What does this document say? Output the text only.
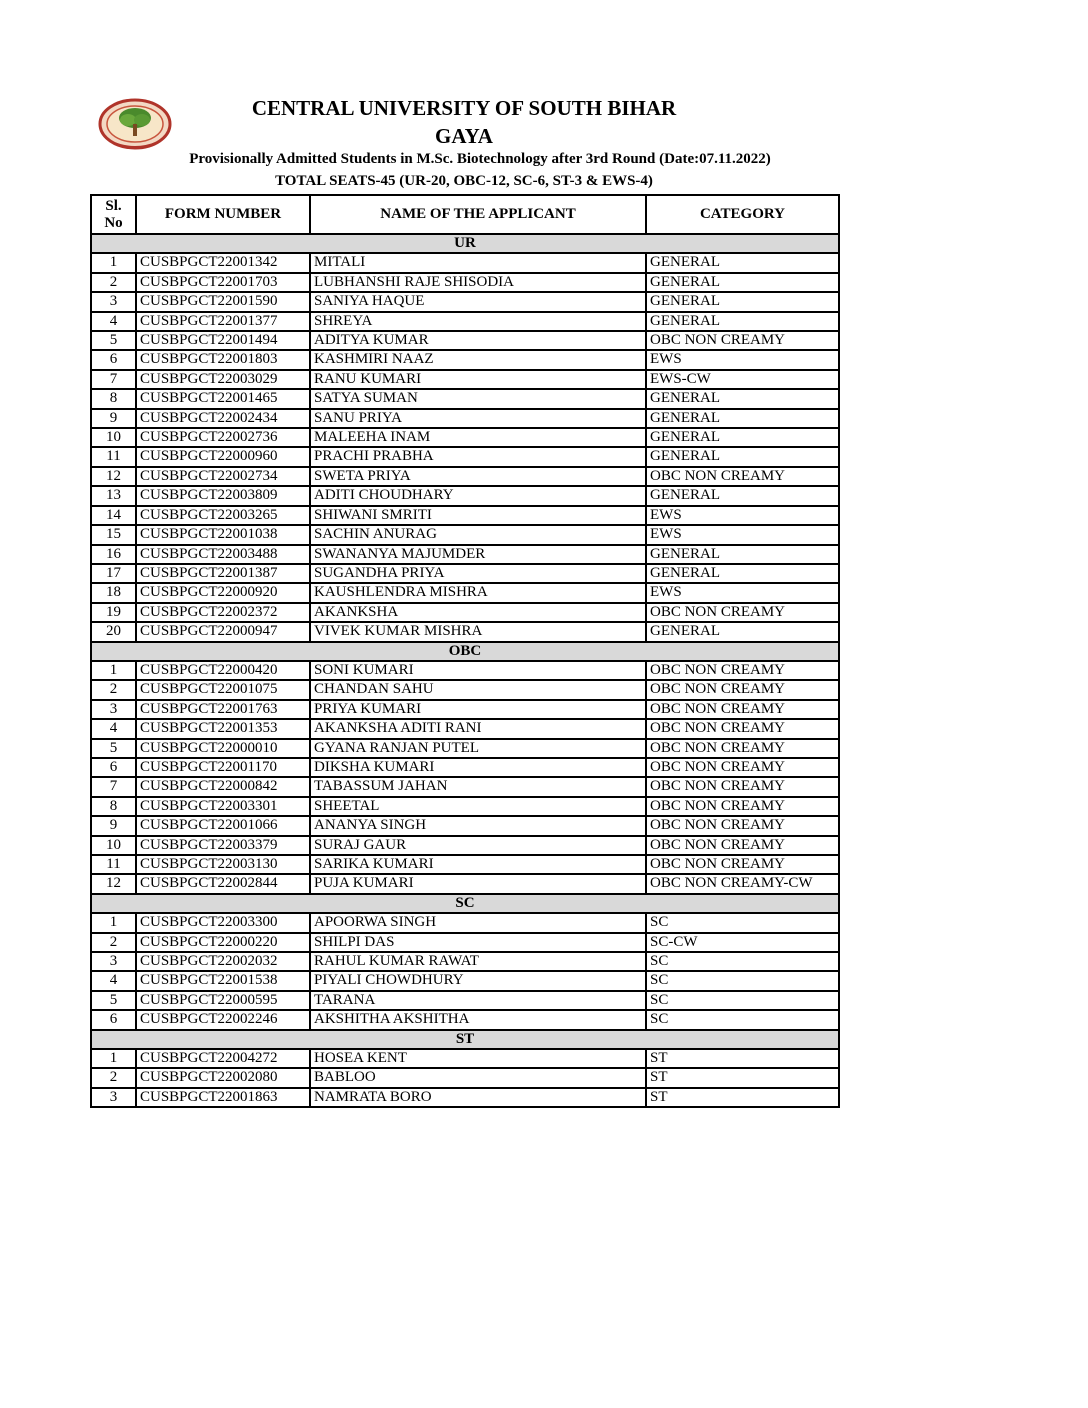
CENTRAL UNIVERSITY OF SOUTH BIHAR
GAYA
Provisionally Admitted Students in M.Sc. Biotechnology after 3rd Round (Date:07.11.2022)
TOTAL SEATS-45 (UR-20, OBC-12, SC-6, ST-3 & EWS-4)
Sl. No	FORM NUMBER	NAME OF THE APPLICANT	CATEGORY
UR			
1	CUSBPGCT22001342	MITALI	GENERAL
2	CUSBPGCT22001703	LUBHANSHI RAJE SHISODIA	GENERAL
3	CUSBPGCT22001590	SANIYA HAQUE	GENERAL
4	CUSBPGCT22001377	SHREYA	GENERAL
5	CUSBPGCT22001494	ADITYA KUMAR	OBC NON CREAMY
6	CUSBPGCT22001803	KASHMIRI NAAZ	EWS
7	CUSBPGCT22003029	RANU KUMARI	EWS-CW
8	CUSBPGCT22001465	SATYA SUMAN	GENERAL
9	CUSBPGCT22002434	SANU PRIYA	GENERAL
10	CUSBPGCT22002736	MALEEHA INAM	GENERAL
11	CUSBPGCT22000960	PRACHI PRABHA	GENERAL
12	CUSBPGCT22002734	SWETA PRIYA	OBC NON CREAMY
13	CUSBPGCT22003809	ADITI CHOUDHARY	GENERAL
14	CUSBPGCT22003265	SHIWANI SMRITI	EWS
15	CUSBPGCT22001038	SACHIN ANURAG	EWS
16	CUSBPGCT22003488	SWANANYA MAJUMDER	GENERAL
17	CUSBPGCT22001387	SUGANDHA PRIYA	GENERAL
18	CUSBPGCT22000920	KAUSHLENDRA MISHRA	EWS
19	CUSBPGCT22002372	AKANKSHA	OBC NON CREAMY
20	CUSBPGCT22000947	VIVEK KUMAR MISHRA	GENERAL
OBC			
1	CUSBPGCT22000420	SONI KUMARI	OBC NON CREAMY
2	CUSBPGCT22001075	CHANDAN SAHU	OBC NON CREAMY
3	CUSBPGCT22001763	PRIYA KUMARI	OBC NON CREAMY
4	CUSBPGCT22001353	AKANKSHA ADITI RANI	OBC NON CREAMY
5	CUSBPGCT22000010	GYANA RANJAN PUTEL	OBC NON CREAMY
6	CUSBPGCT22001170	DIKSHA KUMARI	OBC NON CREAMY
7	CUSBPGCT22000842	TABASSUM JAHAN	OBC NON CREAMY
8	CUSBPGCT22003301	SHEETAL	OBC NON CREAMY
9	CUSBPGCT22001066	ANANYA SINGH	OBC NON CREAMY
10	CUSBPGCT22003379	SURAJ GAUR	OBC NON CREAMY
11	CUSBPGCT22003130	SARIKA KUMARI	OBC NON CREAMY
12	CUSBPGCT22002844	PUJA KUMARI	OBC NON CREAMY-CW
SC			
1	CUSBPGCT22003300	APOORWA SINGH	SC
2	CUSBPGCT22000220	SHILPI DAS	SC-CW
3	CUSBPGCT22002032	RAHUL KUMAR RAWAT	SC
4	CUSBPGCT22001538	PIYALI CHOWDHURY	SC
5	CUSBPGCT22000595	TARANA	SC
6	CUSBPGCT22002246	AKSHITHA AKSHITHA	SC
ST			
1	CUSBPGCT22004272	HOSEA KENT	ST
2	CUSBPGCT22002080	BABLOO	ST
3	CUSBPGCT22001863	NAMRATA BORO	ST
